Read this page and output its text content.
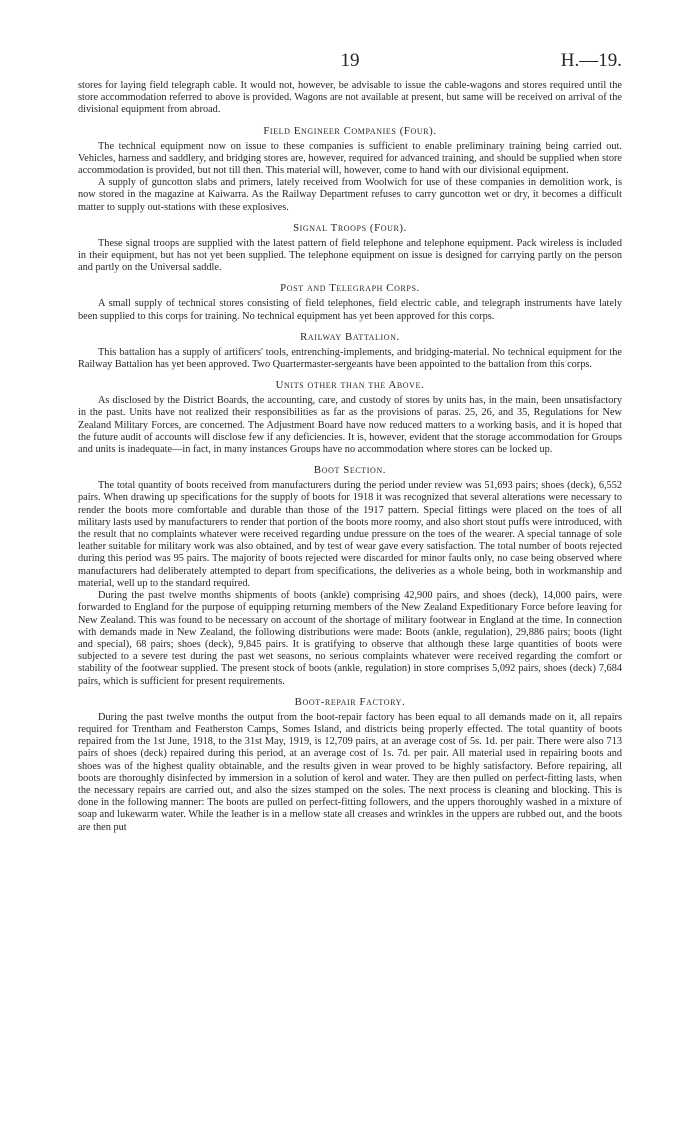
19	H.—19.

stores for laying field telegraph cable. It would not, however, be advisable to issue the cable-wagons and stores required until the store accommodation referred to above is provided. Wagons are not available at present, but same will be received on arrival of the divisional equipment from abroad.

Field Engineer Companies (Four).

The technical equipment now on issue to these companies is sufficient to enable preliminary training being carried out. Vehicles, harness and saddlery, and bridging stores are, however, required for advanced training, and should be supplied when store accommodation is provided, but not till then. This material will, however, come to hand with our divisional equipment.

A supply of guncotton slabs and primers, lately received from Woolwich for use of these companies in demolition work, is now stored in the magazine at Kaiwarra. As the Railway Department refuses to carry guncotton wet or dry, it becomes a difficult matter to supply out-stations with these explosives.

Signal Troops (Four).

These signal troops are supplied with the latest pattern of field telephone and telephone equipment. Pack wireless is included in their equipment, but has not yet been supplied. The telephone equipment on issue is designed for carrying partly on the person and partly on the Universal saddle.

Post and Telegraph Corps.

A small supply of technical stores consisting of field telephones, field electric cable, and telegraph instruments have lately been supplied to this corps for training. No technical equipment has yet been approved for this corps.

Railway Battalion.

This battalion has a supply of artificers' tools, entrenching-implements, and bridging-material. No technical equipment for the Railway Battalion has yet been approved. Two Quartermaster-sergeants have been appointed to the battalion from this corps.

Units other than the Above.

As disclosed by the District Boards, the accounting, care, and custody of stores by units has, in the main, been unsatisfactory in the past. Units have not realized their responsibilities as far as the provisions of paras. 25, 26, and 35, Regulations for New Zealand Military Forces, are concerned. The Adjustment Board have now reduced matters to a working basis, and it is hoped that the future audit of accounts will disclose few if any deficiencies. It is, however, evident that the storage accommodation for Groups and units is inadequate—in fact, in many instances Groups have no accommodation where stores can be locked up.

Boot Section.

The total quantity of boots received from manufacturers during the period under review was 51,693 pairs; shoes (deck), 6,552 pairs. When drawing up specifications for the supply of boots for 1918 it was recognized that several alterations were necessary to render the boots more comfortable and durable than those of the 1917 pattern. Special fittings were placed on the toes of all military lasts used by manufacturers to render that portion of the boots more roomy, and also short stout puffs were introduced, with the result that no complaints whatever were received regarding undue pressure on the toes of the wearer. A special tannage of sole leather suitable for military work was also obtained, and by test of wear gave every satisfaction. The total number of boots rejected during this period was 95 pairs. The majority of boots rejected were discarded for minor faults only, no case being observed where manufacturers had deliberately attempted to depart from specifications, the deliveries as a whole being, both in workmanship and material, well up to the standard required.

During the past twelve months shipments of boots (ankle) comprising 42,900 pairs, and shoes (deck), 14,000 pairs, were forwarded to England for the purpose of equipping returning members of the New Zealand Expeditionary Force before leaving for New Zealand. This was found to be necessary on account of the shortage of military footwear in England at the time. In connection with demands made in New Zealand, the following distributions were made: Boots (ankle, regulation), 29,886 pairs; boots (light and special), 68 pairs; shoes (deck), 9,845 pairs. It is gratifying to observe that although these large quantities of boots were subjected to a severe test during the past wet seasons, no serious complaints whatever were received regarding the comfort or stability of the footwear supplied. The present stock of boots (ankle, regulation) in store comprises 5,092 pairs, shoes (deck) 7,684 pairs, which is sufficient for present requirements.

Boot-repair Factory.

During the past twelve months the output from the boot-repair factory has been equal to all demands made on it, all repairs required for Trentham and Featherston Camps, Somes Island, and districts being properly effected. The total quantity of boots repaired from the 1st June, 1918, to the 31st May, 1919, is 12,709 pairs, at an average cost of 5s. 1d. per pair. There were also 713 pairs of shoes (deck) repaired during this period, at an average cost of 1s. 7d. per pair. All material used in repairing boots and shoes was of the highest quality obtainable, and the results given in wear proved to be highly satisfactory. Before repairing, all boots are thoroughly disinfected by immersion in a solution of kerol and water. They are then pulled on perfect-fitting lasts, when the necessary repairs are carried out, and also the sizes stamped on the soles. The next process is cleaning and blocking. This is done in the following manner: The boots are pulled on perfect-fitting followers, and the uppers thoroughly washed in a mixture of soap and lukewarm water. While the leather is in a mellow state all creases and wrinkles in the uppers are rubbed out, and the boots are then put
